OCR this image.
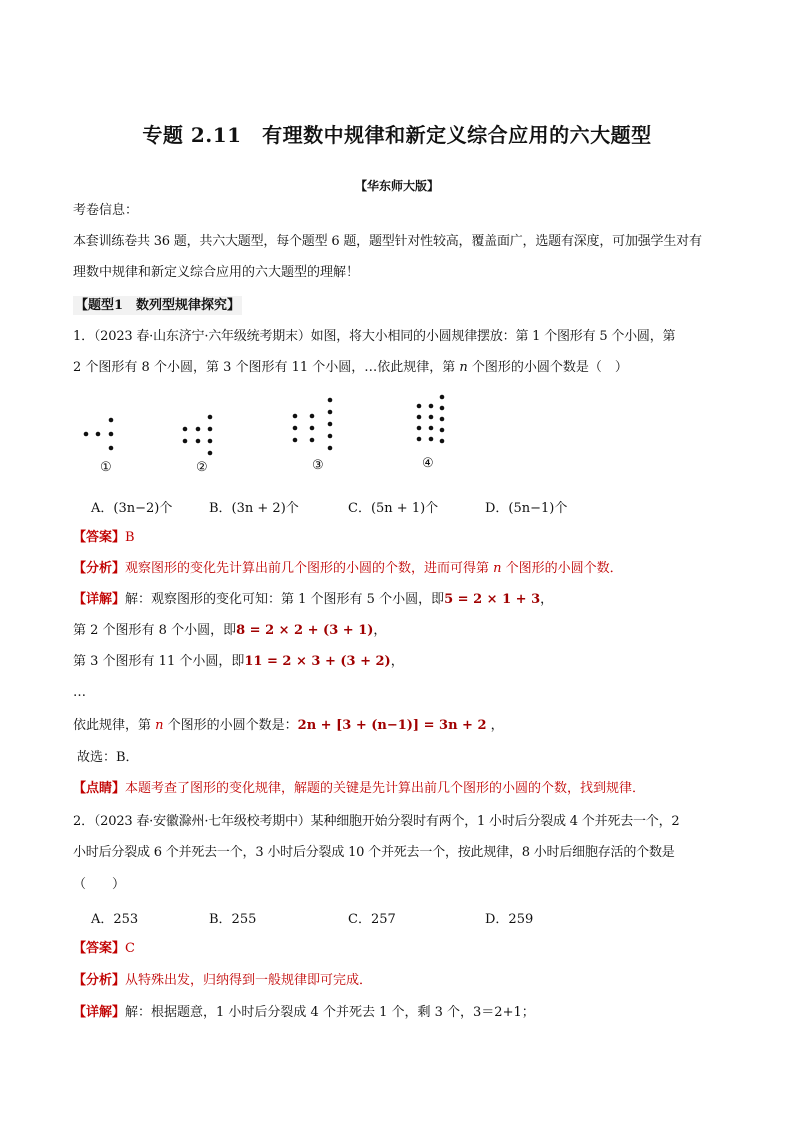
专题 2.11　有理数中规律和新定义综合应用的六大题型
【华东师大版】
考卷信息：
本套训练卷共 36 题，共六大题型，每个题型 6 题，题型针对性较高，覆盖面广，选题有深度，可加强学生对有
理数中规律和新定义综合应用的六大题型的理解！
【题型1　数列型规律探究】
1．（2023 春·山东济宁·六年级统考期末）如图，将大小相同的小圆规律摆放：第 1 个图形有 5 个小圆，第
2 个图形有 8 个小圆，第 3 个图形有 11 个小圆，…依此规律，第 n 个图形的小圆个数是（　）
①	②	③	④
A．(3n−2)个	B．(3n + 2)个	C．(5n + 1)个	D．(5n−1)个
【答案】B
【分析】观察图形的变化先计算出前几个图形的小圆的个数，进而可得第 n 个图形的小圆个数．
【详解】解：观察图形的变化可知：第 1 个图形有 5 个小圆，即5 = 2 × 1 + 3，
第 2 个图形有 8 个小圆，即8 = 2 × 2 + (3 + 1)，
第 3 个图形有 11 个小圆，即11 = 2 × 3 + (3 + 2)，
…
依此规律，第 n 个图形的小圆个数是：2n + [3 + (n−1)] = 3n + 2 ，
故选：B．
【点睛】本题考查了图形的变化规律，解题的关键是先计算出前几个图形的小圆的个数，找到规律．
2．（2023 春·安徽滁州·七年级校考期中）某种细胞开始分裂时有两个，1 小时后分裂成 4 个并死去一个，2
小时后分裂成 6 个并死去一个，3 小时后分裂成 10 个并死去一个，按此规律，8 小时后细胞存活的个数是
（　　）
A．253	B．255	C．257	D．259
【答案】C
【分析】从特殊出发，归纳得到一般规律即可完成．
【详解】解：根据题意，1 小时后分裂成 4 个并死去 1 个，剩 3 个，3＝2+1；
